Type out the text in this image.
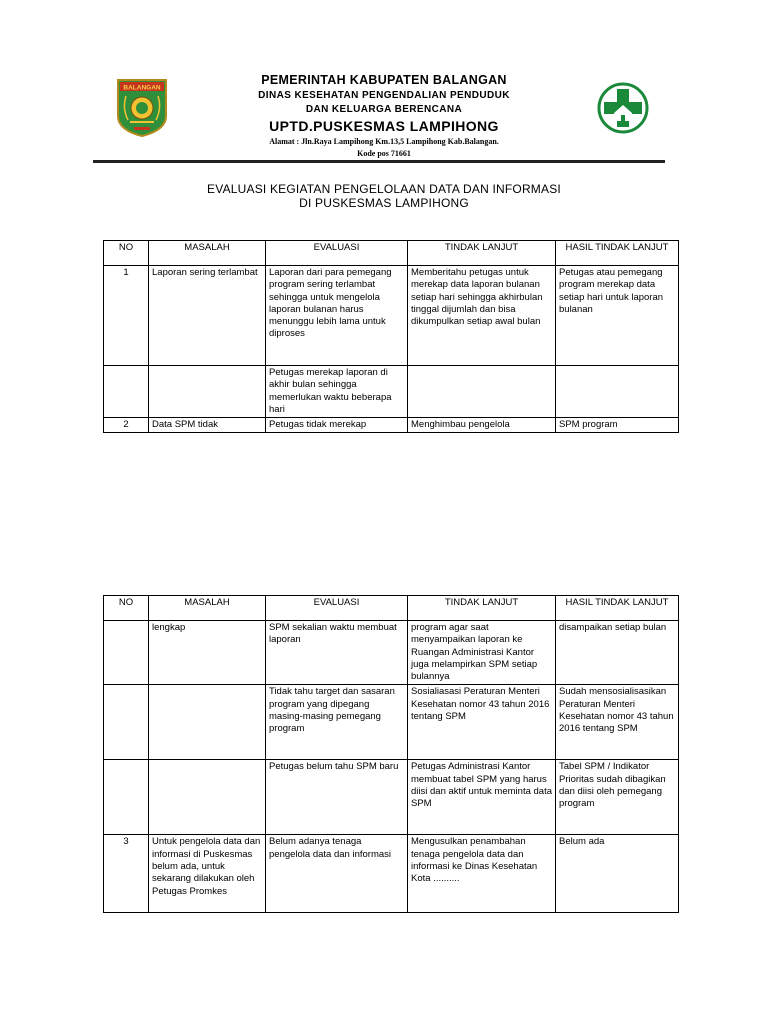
BALANGAN
PEMERINTAH KABUPATEN BALANGAN
DINAS KESEHATAN PENGENDALIAN PENDUDUK
DAN KELUARGA BERENCANA
UPTD.PUSKESMAS LAMPIHONG
Alamat : Jln.Raya Lampihong Km.13,5 Lampihong Kab.Balangan.
Kode pos 71661
EVALUASI KEGIATAN PENGELOLAAN DATA DAN INFORMASI
DI PUSKESMAS LAMPIHONG
NO	MASALAH	EVALUASI	TINDAK LANJUT	HASIL TINDAK LANJUT
1	Laporan sering terlambat	Laporan dari para pemegang program sering terlambat sehingga untuk mengelola laporan bulanan harus menunggu lebih lama untuk diproses	Memberitahu petugas untuk merekap data laporan bulanan setiap hari sehingga akhirbulan tinggal dijumlah dan bisa dikumpulkan setiap awal bulan	Petugas atau pemegang program merekap data setiap hari untuk laporan bulanan
		Petugas merekap laporan di akhir bulan sehingga memerlukan waktu beberapa hari		
2	Data SPM tidak	Petugas tidak merekap	Menghimbau pengelola	SPM program
NO	MASALAH	EVALUASI	TINDAK LANJUT	HASIL TINDAK LANJUT
	lengkap	SPM sekalian waktu membuat laporan	program agar saat menyampaikan laporan ke Ruangan Administrasi Kantor juga melampirkan SPM setiap bulannya	disampaikan setiap bulan
		Tidak tahu target dan sasaran program yang dipegang masing-masing pemegang program	Sosialiasasi Peraturan Menteri Kesehatan nomor 43 tahun 2016 tentang SPM	Sudah mensosialisasikan Peraturan Menteri Kesehatan nomor 43 tahun 2016 tentang SPM
		Petugas belum tahu SPM baru	Petugas Administrasi Kantor membuat tabel SPM yang harus diisi dan aktif untuk meminta data SPM	Tabel SPM / Indikator Prioritas sudah dibagikan dan diisi oleh pemegang program
3	Untuk pengelola data dan informasi di Puskesmas belum ada, untuk sekarang dilakukan oleh Petugas Promkes	Belum adanya tenaga pengelola data dan informasi	Mengusulkan penambahan tenaga pengelola data dan informasi ke Dinas Kesehatan Kota ..........	Belum ada
